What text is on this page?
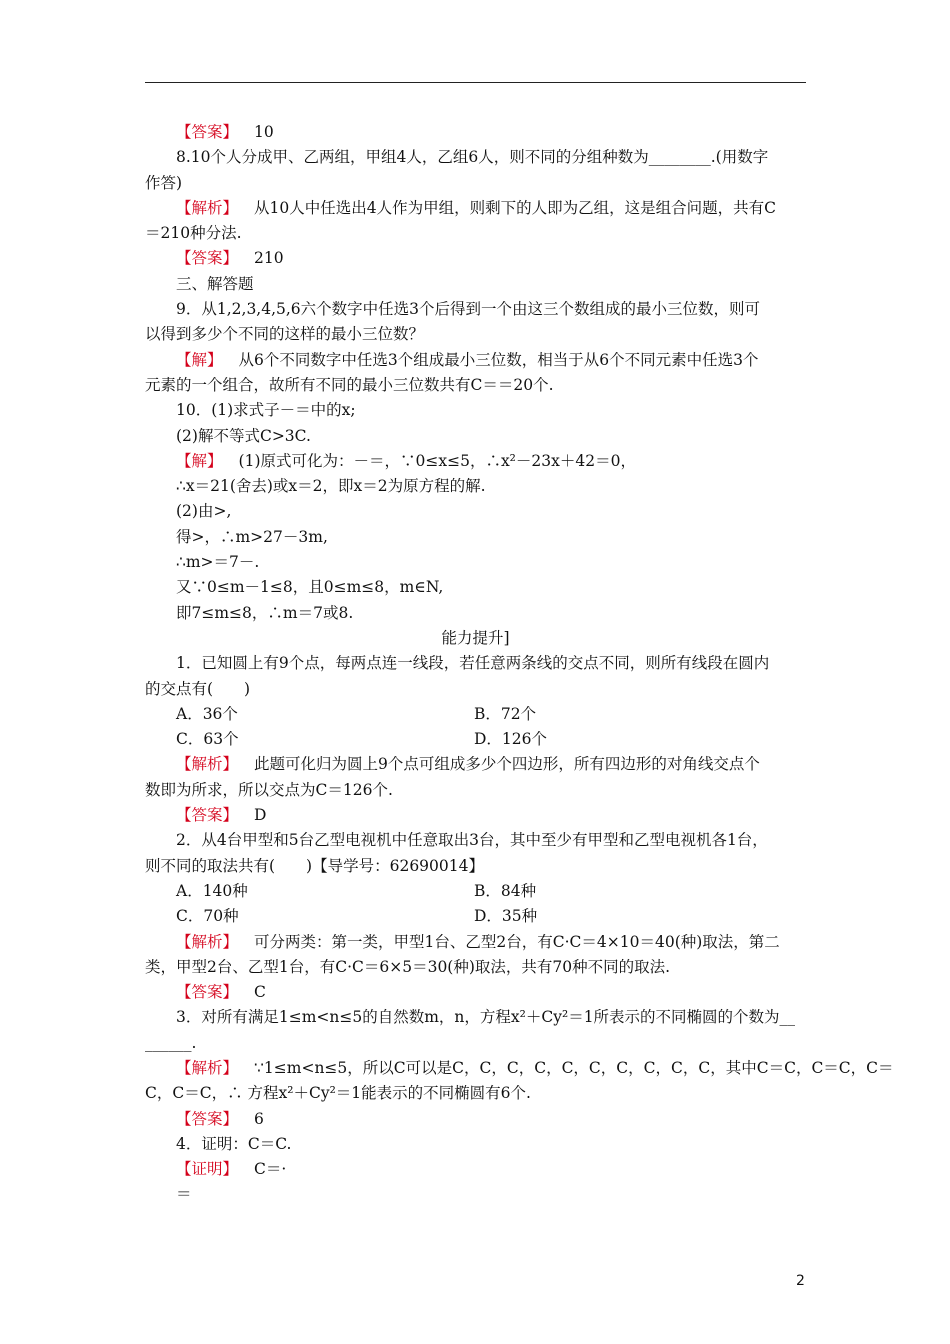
【 答案 】 10
8.10个人分成甲、乙两组，甲组4人，乙组6人，则不同的分组种数为________.(用数字
作答)
【 解析 】 从10人中任选出4人作为甲组，则剩下的人即为乙组，这是组合问题，共有C
＝210种分法.
【 答案 】 210
三、解答题
9．从1,2,3,4,5,6六个数字中任选3个后得到一个由这三个数组成的最小三位数，则可
以得到多少个不同的这样的最小三位数？
【 解 】 从6个不同数字中任选3个组成最小三位数，相当于从6个不同元素中任选3个
元素的一个组合，故所有不同的最小三位数共有C＝＝20个.
10．(1)求式子－＝中的x;
(2)解不等式C>3C.
【 解 】 (1)原式可化为：－＝，∵0≤x≤5，∴x²－23x＋42＝0，
∴x＝21(舍去)或x＝2，即x＝2为原方程的解.
(2)由>,
得>，∴m>27－3m,
∴m>＝7－.
又∵0≤m－1≤8，且0≤m≤8，m∈N,
即7≤m≤8，∴m＝7或8.
能力提升]
1．已知圆上有9个点，每两点连一线段，若任意两条线的交点不同，则所有线段在圆内
的交点有(　　)
A．36个	B．72个
C．63个	D．126个
【 解析 】 此题可化归为圆上9个点可组成多少个四边形，所有四边形的对角线交点个
数即为所求，所以交点为C＝126个.
【 答案 】 D
2．从4台甲型和5台乙型电视机中任意取出3台，其中至少有甲型和乙型电视机各1台，
则不同的取法共有(　　)【导学号：62690014】
A．140种	B．84种
C．70种	D．35种
【 解析 】 可分两类：第一类，甲型1台、乙型2台，有C·C＝4×10＝40(种)取法，第二
类，甲型2台、乙型1台，有C·C＝6×5＝30(种)取法，共有70种不同的取法.
【 答案 】 C
3．对所有满足1≤m<n≤5的自然数m，n，方程x²＋Cy²＝1所表示的不同椭圆的个数为__
______.
【 解析 】 ∵1≤m<n≤5，所以C可以是C，C，C，C，C，C，C，C，C，C，其中C＝C，C＝C，C＝
C，C＝C，∴ 方程x²＋Cy²＝1能表示的不同椭圆有6个.
【 答案 】 6
4．证明：C＝C.
【 证明 】 C＝·
＝
2
